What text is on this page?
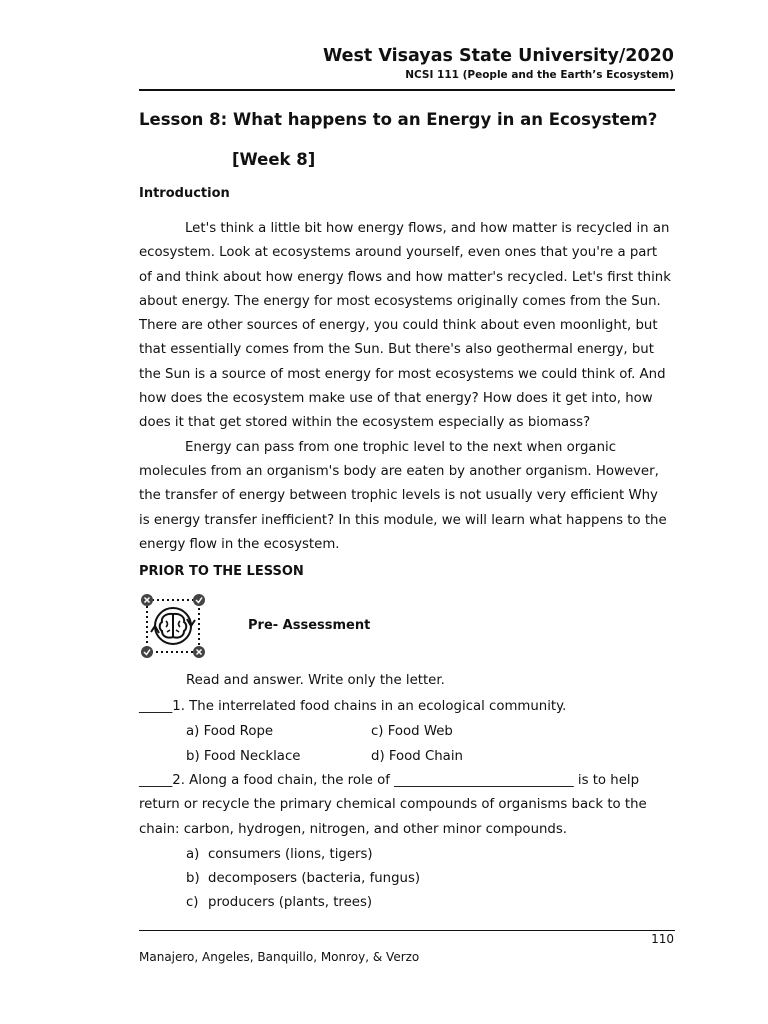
West Visayas State University/2020
NCSI 111 (People and the Earth’s Ecosystem)
Lesson 8: What happens to an Energy in an Ecosystem?
[Week 8]
Introduction

Let's think a little bit how energy flows, and how matter is recycled in an ecosystem. Look at ecosystems around yourself, even ones that you're a part of and think about how energy flows and how matter's recycled. Let's first think about energy. The energy for most ecosystems originally comes from the Sun. There are other sources of energy, you could think about even moonlight, but that essentially comes from the Sun. But there's also geothermal energy, but the Sun is a source of most energy for most ecosystems we could think of. And how does the ecosystem make use of that energy? How does it get into, how does it that get stored within the ecosystem especially as biomass?

Energy can pass from one trophic level to the next when organic molecules from an organism's body are eaten by another organism. However, the transfer of energy between trophic levels is not usually very efficient Why is energy transfer inefficient? In this module, we will learn what happens to the energy flow in the ecosystem.

PRIOR TO THE LESSON
Pre- Assessment
Read and answer. Write only the letter.
_____1. The interrelated food chains in an ecological community.
a) Food Rope	c) Food Web
b) Food Necklace	d) Food Chain
_____2. Along a food chain, the role of ___________________________ is to help
return or recycle the primary chemical compounds of organisms back to the
chain: carbon, hydrogen, nitrogen, and other minor compounds.
a) consumers (lions, tigers)
b) decomposers (bacteria, fungus)
c) producers (plants, trees)
110
Manajero, Angeles, Banquillo, Monroy, & Verzo
